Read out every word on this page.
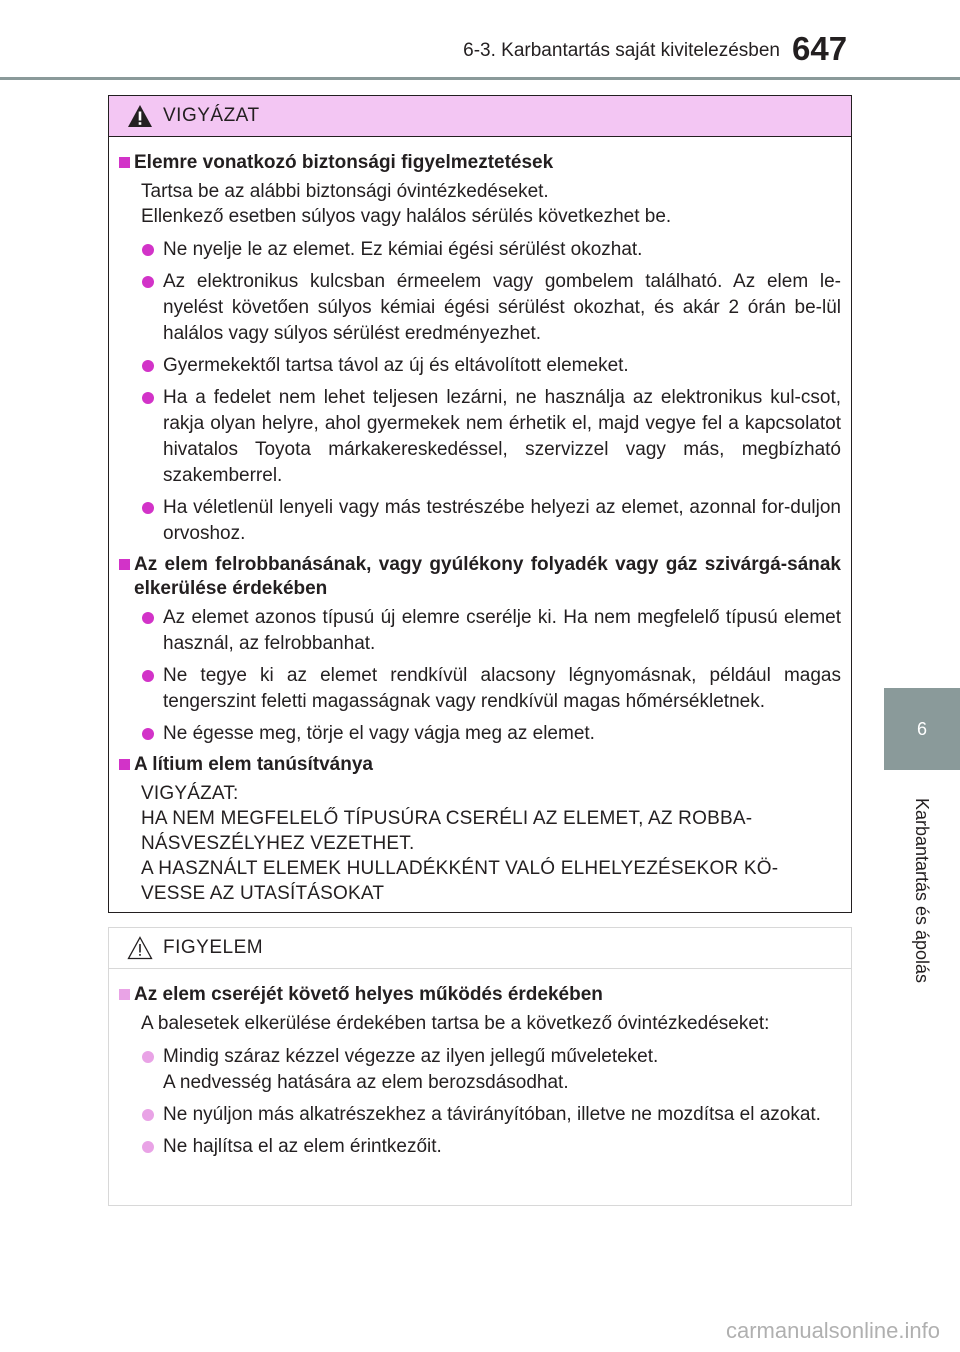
6-3. Karbantartás saját kivitelezésben 647
6
Karbantartás és ápolás
VIGYÁZAT
Elemre vonatkozó biztonsági figyelmeztetések
Tartsa be az alábbi biztonsági óvintézkedéseket.
Ellenkező esetben súlyos vagy halálos sérülés következhet be.
Ne nyelje le az elemet. Ez kémiai égési sérülést okozhat.
Az elektronikus kulcsban érmeelem vagy gombelem található. Az elem le-nyelést követően súlyos kémiai égési sérülést okozhat, és akár 2 órán be-lül halálos vagy súlyos sérülést eredményezhet.
Gyermekektől tartsa távol az új és eltávolított elemeket.
Ha a fedelet nem lehet teljesen lezárni, ne használja az elektronikus kul-csot, rakja olyan helyre, ahol gyermekek nem érhetik el, majd vegye fel a kapcsolatot hivatalos Toyota márkakereskedéssel, szervizzel vagy más, megbízható szakemberrel.
Ha véletlenül lenyeli vagy más testrészébe helyezi az elemet, azonnal for-duljon orvoshoz.
Az elem felrobbanásának, vagy gyúlékony folyadék vagy gáz szivárgá-sának elkerülése érdekében
Az elemet azonos típusú új elemre cserélje ki. Ha nem megfelelő típusú elemet használ, az felrobbanhat.
Ne tegye ki az elemet rendkívül alacsony légnyomásnak, például magas tengerszint feletti magasságnak vagy rendkívül magas hőmérsékletnek.
Ne égesse meg, törje el vagy vágja meg az elemet.
A lítium elem tanúsítványa
VIGYÁZAT:
HA NEM MEGFELELŐ TÍPUSÚRA CSERÉLI AZ ELEMET, AZ ROBBA-
NÁSVESZÉLYHEZ VEZETHET.
A HASZNÁLT ELEMEK HULLADÉKKÉNT VALÓ ELHELYEZÉSEKOR KÖ-
VESSE AZ UTASÍTÁSOKAT
FIGYELEM
Az elem cseréjét követő helyes működés érdekében
A balesetek elkerülése érdekében tartsa be a következő óvintézkedéseket:
Mindig száraz kézzel végezze az ilyen jellegű műveleteket.
A nedvesség hatására az elem berozsdásodhat.
Ne nyúljon más alkatrészekhez a távirányítóban, illetve ne mozdítsa el azokat.
Ne hajlítsa el az elem érintkezőit.
carmanualsonline.info
